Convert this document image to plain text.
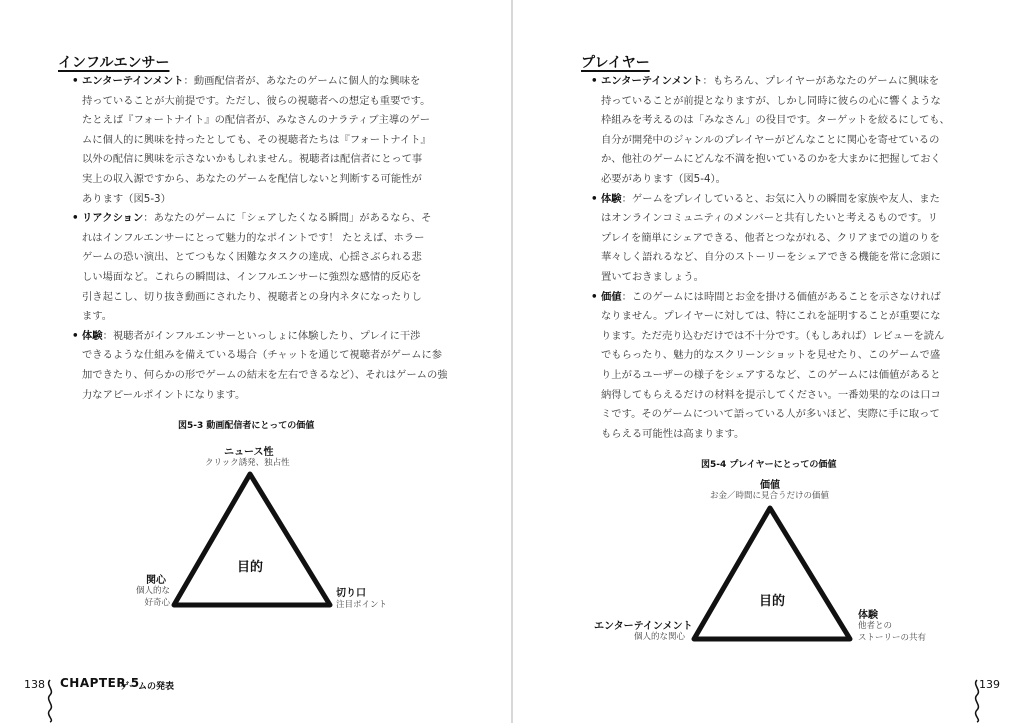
インフルエンサー
• エンターテインメント：動画配信者が、あなたのゲームに個人的な興味を
持っていることが大前提です。ただし、彼らの視聴者への想定も重要です。
たとえば『フォートナイト』の配信者が、みなさんのナラティブ主導のゲー
ムに個人的に興味を持ったとしても、その視聴者たちは『フォートナイト』
以外の配信に興味を示さないかもしれません。視聴者は配信者にとって事
実上の収入源ですから、あなたのゲームを配信しないと判断する可能性が
あります（図5-3）
• リアクション：あなたのゲームに「シェアしたくなる瞬間」があるなら、そ
れはインフルエンサーにとって魅力的なポイントです！ たとえば、ホラー
ゲームの恐い演出、とてつもなく困難なタスクの達成、心揺さぶられる悲
しい場面など。これらの瞬間は、インフルエンサーに強烈な感情的反応を
引き起こし、切り抜き動画にされたり、視聴者との身内ネタになったりし
ます。
• 体験：視聴者がインフルエンサーといっしょに体験したり、プレイに干渉
できるような仕組みを備えている場合（チャットを通じて視聴者がゲームに参
加できたり、何らかの形でゲームの結末を左右できるなど）、それはゲームの強
力なアピールポイントになります。
図5-3 動画配信者にとっての価値
ニュース性
クリック誘発、独占性
目的
関心
個人的な
好奇心
切り口
注目ポイント
138 CHAPTER 5
ゲームの発表
プレイヤー
• エンターテインメント：もちろん、プレイヤーがあなたのゲームに興味を
持っていることが前提となりますが、しかし同時に彼らの心に響くような
枠組みを考えるのは「みなさん」の役目です。ターゲットを絞るにしても、
自分が開発中のジャンルのプレイヤーがどんなことに関心を寄せているの
か、他社のゲームにどんな不満を抱いているのかを大まかに把握しておく
必要があります（図5-4）。
• 体験：ゲームをプレイしていると、お気に入りの瞬間を家族や友人、また
はオンラインコミュニティのメンバーと共有したいと考えるものです。リ
プレイを簡単にシェアできる、他者とつながれる、クリアまでの道のりを
華々しく語れるなど、自分のストーリーをシェアできる機能を常に念頭に
置いておきましょう。
• 価値：このゲームには時間とお金を掛ける価値があることを示さなければ
なりません。プレイヤーに対しては、特にこれを証明することが重要にな
ります。ただ売り込むだけでは不十分です。（もしあれば）レビューを読ん
でもらったり、魅力的なスクリーンショットを見せたり、このゲームで盛
り上がるユーザーの様子をシェアするなど、このゲームには価値があると
納得してもらえるだけの材料を提示してください。一番効果的なのは口コ
ミです。そのゲームについて語っている人が多いほど、実際に手に取って
もらえる可能性は高まります。
図5-4 プレイヤーにとっての価値
価値
お金／時間に見合うだけの価値
目的
エンターテインメント
個人的な関心
体験
他者との
ストーリーの共有
139
